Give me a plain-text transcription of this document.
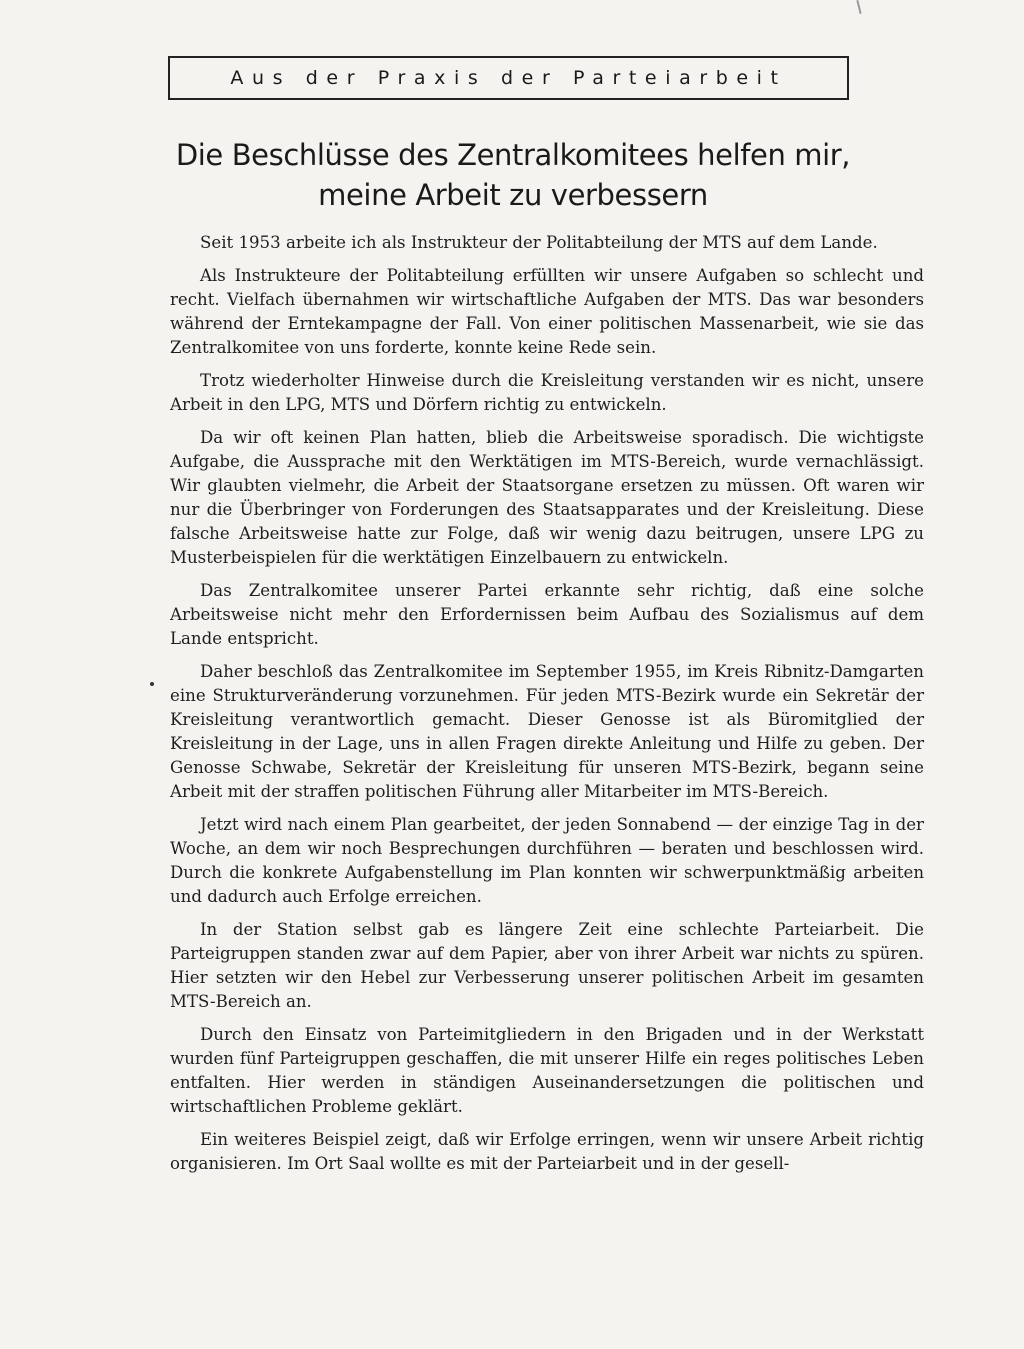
Aus der Praxis der Parteiarbeit
Die Beschlüsse des Zentralkomitees helfen mir,
meine Arbeit zu verbessern

Seit 1953 arbeite ich als Instrukteur der Politabteilung der MTS auf dem Lande.

Als Instrukteure der Politabteilung erfüllten wir unsere Aufgaben so schlecht und recht. Vielfach übernahmen wir wirtschaftliche Aufgaben der MTS. Das war besonders während der Erntekampagne der Fall. Von einer politischen Massenarbeit, wie sie das Zentralkomitee von uns forderte, konnte keine Rede sein.

Trotz wiederholter Hinweise durch die Kreisleitung verstanden wir es nicht, unsere Arbeit in den LPG, MTS und Dörfern richtig zu entwickeln.

Da wir oft keinen Plan hatten, blieb die Arbeitsweise sporadisch. Die wichtigste Aufgabe, die Aussprache mit den Werktätigen im MTS-Bereich, wurde vernachlässigt. Wir glaubten vielmehr, die Arbeit der Staatsorgane ersetzen zu müssen. Oft waren wir nur die Überbringer von Forderungen des Staatsapparates und der Kreisleitung. Diese falsche Arbeitsweise hatte zur Folge, daß wir wenig dazu beitrugen, unsere LPG zu Musterbeispielen für die werktätigen Einzelbauern zu entwickeln.

Das Zentralkomitee unserer Partei erkannte sehr richtig, daß eine solche Arbeitsweise nicht mehr den Erfordernissen beim Aufbau des Sozialismus auf dem Lande entspricht.

Daher beschloß das Zentralkomitee im September 1955, im Kreis Ribnitz-Damgarten eine Strukturveränderung vorzunehmen. Für jeden MTS-Bezirk wurde ein Sekretär der Kreisleitung verantwortlich gemacht. Dieser Genosse ist als Büromitglied der Kreisleitung in der Lage, uns in allen Fragen direkte Anleitung und Hilfe zu geben. Der Genosse Schwabe, Sekretär der Kreisleitung für unseren MTS-Bezirk, begann seine Arbeit mit der straffen politischen Führung aller Mitarbeiter im MTS-Bereich.

Jetzt wird nach einem Plan gearbeitet, der jeden Sonnabend — der einzige Tag in der Woche, an dem wir noch Besprechungen durchführen — beraten und beschlossen wird. Durch die konkrete Aufgabenstellung im Plan konnten wir schwerpunktmäßig arbeiten und dadurch auch Erfolge erreichen.

In der Station selbst gab es längere Zeit eine schlechte Parteiarbeit. Die Parteigruppen standen zwar auf dem Papier, aber von ihrer Arbeit war nichts zu spüren. Hier setzten wir den Hebel zur Verbesserung unserer politischen Arbeit im gesamten MTS-Bereich an.

Durch den Einsatz von Parteimitgliedern in den Brigaden und in der Werkstatt wurden fünf Parteigruppen geschaffen, die mit unserer Hilfe ein reges politisches Leben entfalten. Hier werden in ständigen Auseinandersetzungen die politischen und wirtschaftlichen Probleme geklärt.

Ein weiteres Beispiel zeigt, daß wir Erfolge erringen, wenn wir unsere Arbeit richtig organisieren. Im Ort Saal wollte es mit der Parteiarbeit und in der gesell-
